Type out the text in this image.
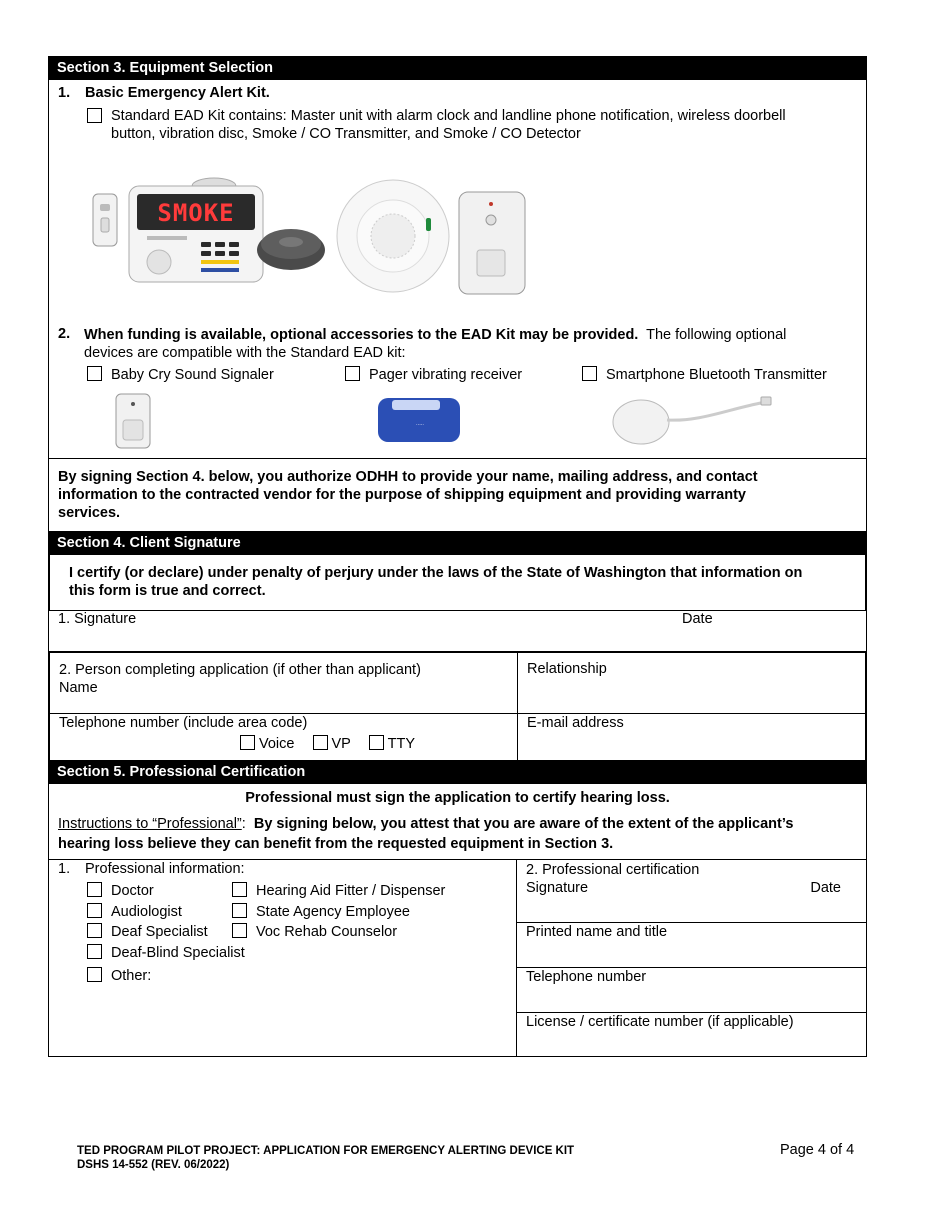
Section 3. Equipment Selection
1. Basic Emergency Alert Kit.
Standard EAD Kit contains: Master unit with alarm clock and landline phone notification, wireless doorbell
button, vibration disc, Smoke / CO Transmitter, and Smoke / CO Detector
SMOKE
2. When funding is available, optional accessories to the EAD Kit may be provided. The following optional
devices are compatible with the Standard EAD kit:
Baby Cry Sound Signaler	Pager vibrating receiver	Smartphone Bluetooth Transmitter
·····
By signing Section 4. below, you authorize ODHH to provide your name, mailing address, and contact
information to the contracted vendor for the purpose of shipping equipment and providing warranty
services.
Section 4. Client Signature
I certify (or declare) under penalty of perjury under the laws of the State of Washington that information on
this form is true and correct.
1. Signature	Date
2. Person completing application (if other than applicant)
Name
Relationship
Telephone number (include area code)
Voice	VP	TTY
E-mail address
Section 5. Professional Certification
Professional must sign the application to certify hearing loss.
Instructions to “Professional”: By signing below, you attest that you are aware of the extent of the applicant’s
hearing loss believe they can benefit from the requested equipment in Section 3.
1. Professional information:
Doctor
Audiologist
Deaf Specialist
Deaf-Blind Specialist
Other:
Hearing Aid Fitter / Dispenser
State Agency Employee
Voc Rehab Counselor
2. Professional certification
Signature	Date
Printed name and title
Telephone number
License / certificate number (if applicable)
TED PROGRAM PILOT PROJECT: APPLICATION FOR EMERGENCY ALERTING DEVICE KIT
DSHS 14-552 (REV. 06/2022)
Page 4 of 4
